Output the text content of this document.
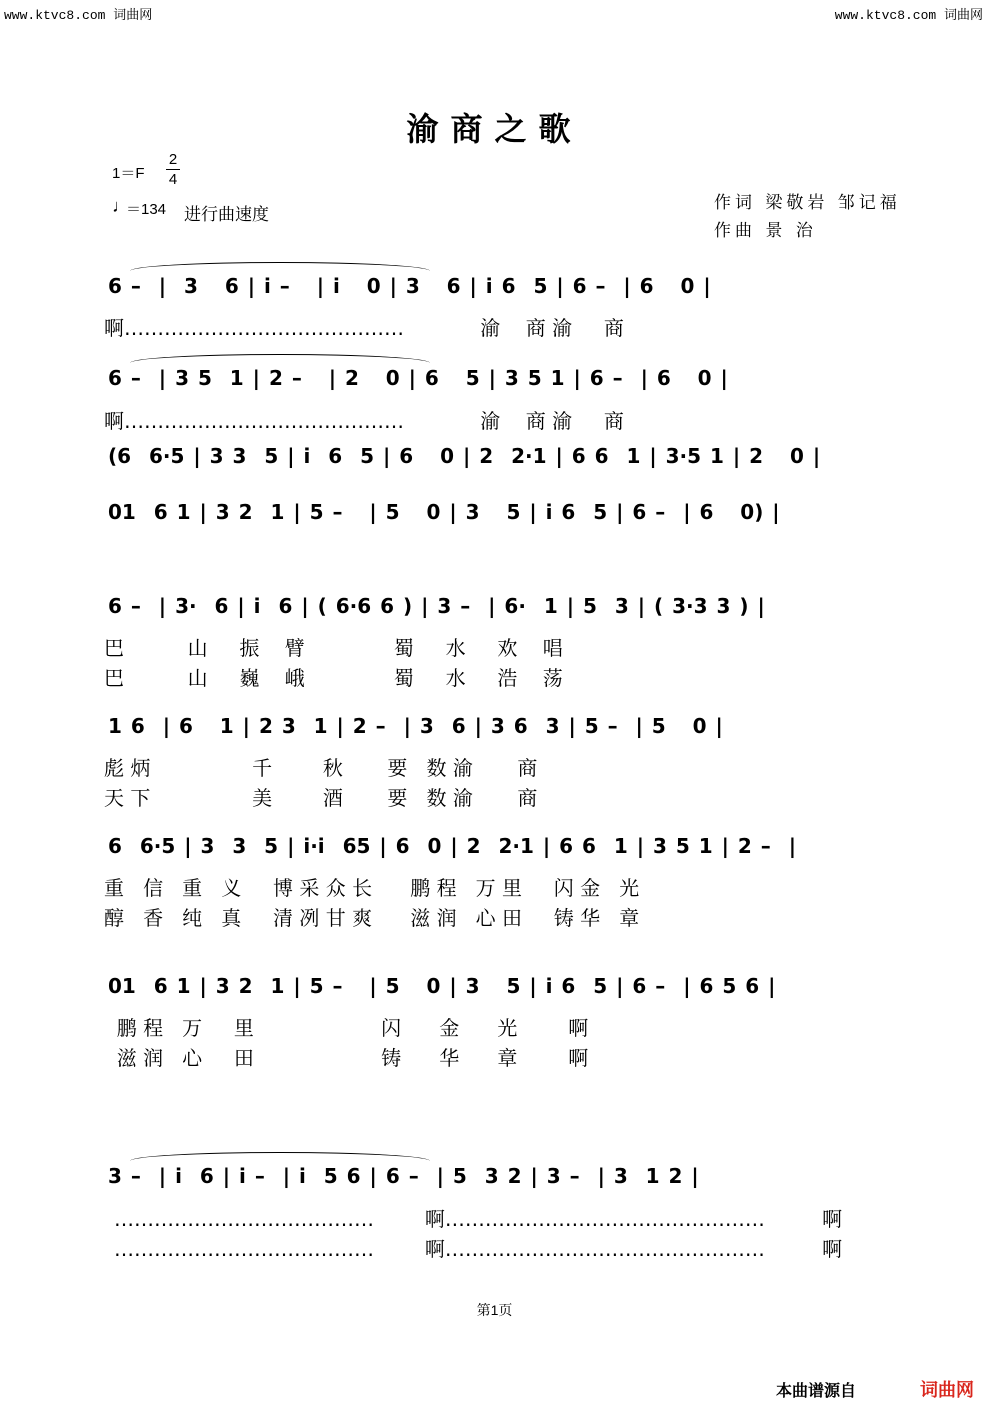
www.ktvc8.com 词曲网	www.ktvc8.com 词曲网
渝商之歌
1＝F
2
4
♩
＝134 进行曲速度
作词 梁敬岩 邹记福
作曲 景 治

6 –  |  3   6 | i –   | i   0 | 3   6 | i 6  5 | 6 –  | 6   0 |

啊……………………………………            渝    商 渝     商

6 –  | 3 5  1 | 2 –   | 2   0 | 6   5 | 3 5 1 | 6 –  | 6   0 |

啊……………………………………            渝    商 渝     商

(6  6·5 | 3 3  5 | i  6  5 | 6   0 | 2  2·1 | 6 6  1 | 3·5 1 | 2   0 |

01  6 1 | 3 2  1 | 5 –   | 5   0 | 3   5 | i 6  5 | 6 –  | 6   0) |

6 –  | 3·  6 | i  6 | ( 6·6 6 ) | 3 –  | 6·  1 | 5  3 | ( 3·3 3 ) |

巴          山     振    臂              蜀     水     欢    唱
巴          山     巍    峨              蜀     水     浩    荡

1 6  | 6   1 | 2 3  1 | 2 –  | 3  6 | 3 6  3 | 5 –  | 5   0 |

彪 炳                千        秋       要   数 渝       商
天 下                美        酒       要   数 渝       商

6  6·5 | 3  3  5 | i·i  65 | 6  0 | 2  2·1 | 6 6  1 | 3 5 1 | 2 –  |

重   信   重   义     博 采 众 长      鹏 程   万 里     闪 金   光
醇   香   纯   真     清 冽 甘 爽      滋 润   心 田     铸 华   章

01  6 1 | 3 2  1 | 5 –   | 5   0 | 3   5 | i 6  5 | 6 –  | 6 5 6 |

鹏 程   万     里                    闪      金      光        啊
滋 润   心     田                    铸      华      章        啊

3 –  | i  6 | i –  | i  5 6 | 6 –  | 5  3 2 | 3 –  | 3  1 2 |

…………………………………        啊…………………………………………         啊
…………………………………        啊…………………………………………         啊
第1页
本曲谱源自	词曲网
